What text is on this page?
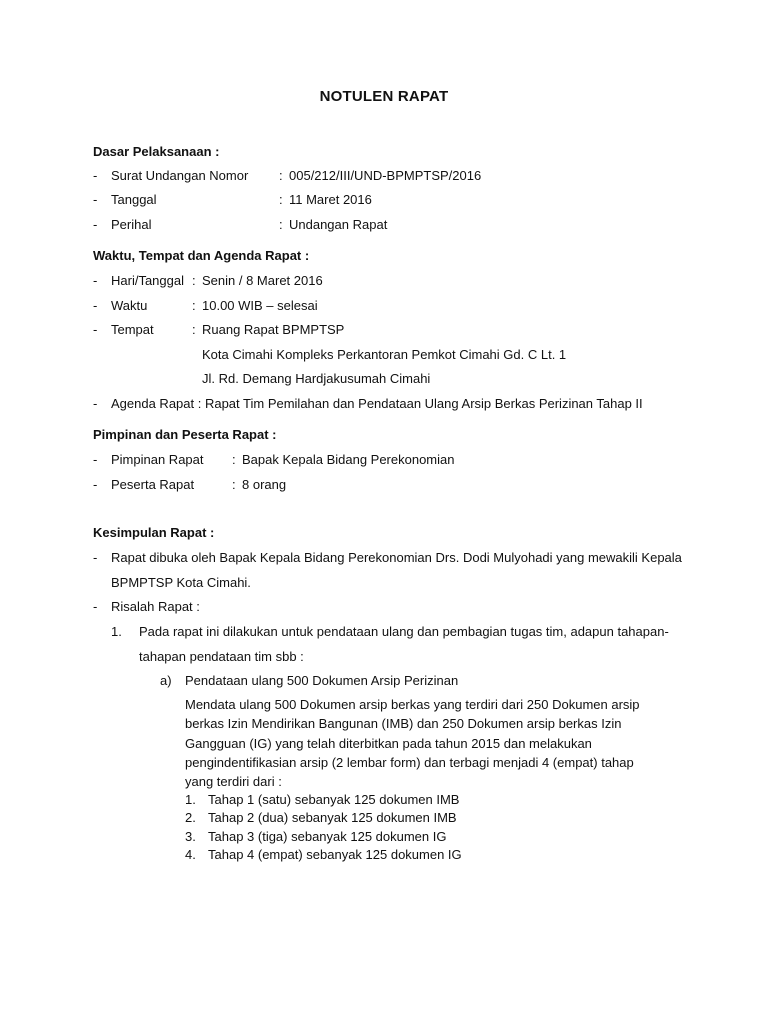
NOTULEN RAPAT
Dasar Pelaksanaan :
- Surat Undangan Nomor : 005/212/III/UND-BPMPTSP/2016
- Tanggal	: 11 Maret 2016
- Perihal	: Undangan Rapat
Waktu, Tempat dan Agenda Rapat :
- Hari/Tanggal : Senin / 8 Maret 2016
- Waktu	: 10.00 WIB – selesai
- Tempat	: Ruang Rapat BPMPTSP
Kota Cimahi Kompleks Perkantoran Pemkot Cimahi Gd. C Lt. 1
Jl. Rd. Demang Hardjakusumah Cimahi
- Agenda Rapat : Rapat Tim Pemilahan dan Pendataan Ulang Arsip Berkas Perizinan Tahap II
Pimpinan dan Peserta Rapat :
- Pimpinan Rapat : Bapak Kepala Bidang Perekonomian
- Peserta Rapat	: 8 orang
Kesimpulan Rapat :
- Rapat dibuka oleh Bapak Kepala Bidang Perekonomian Drs. Dodi Mulyohadi yang mewakili Kepala
BPMPTSP Kota Cimahi.
- Risalah Rapat :
1. Pada rapat ini dilakukan untuk pendataan ulang dan pembagian tugas tim, adapun tahapan-
tahapan pendataan tim sbb :
a) Pendataan ulang 500 Dokumen Arsip Perizinan
Mendata ulang 500 Dokumen arsip berkas yang terdiri dari 250 Dokumen arsip berkas Izin Mendirikan Bangunan (IMB) dan 250 Dokumen arsip berkas Izin Gangguan (IG) yang telah diterbitkan pada tahun 2015 dan melakukan pengindentifikasian arsip (2 lembar form) dan terbagi menjadi 4 (empat) tahap yang terdiri dari :
1. Tahap 1 (satu) sebanyak 125 dokumen IMB
2. Tahap 2 (dua) sebanyak 125 dokumen IMB
3. Tahap 3 (tiga) sebanyak 125 dokumen IG
4. Tahap 4 (empat) sebanyak 125 dokumen IG
